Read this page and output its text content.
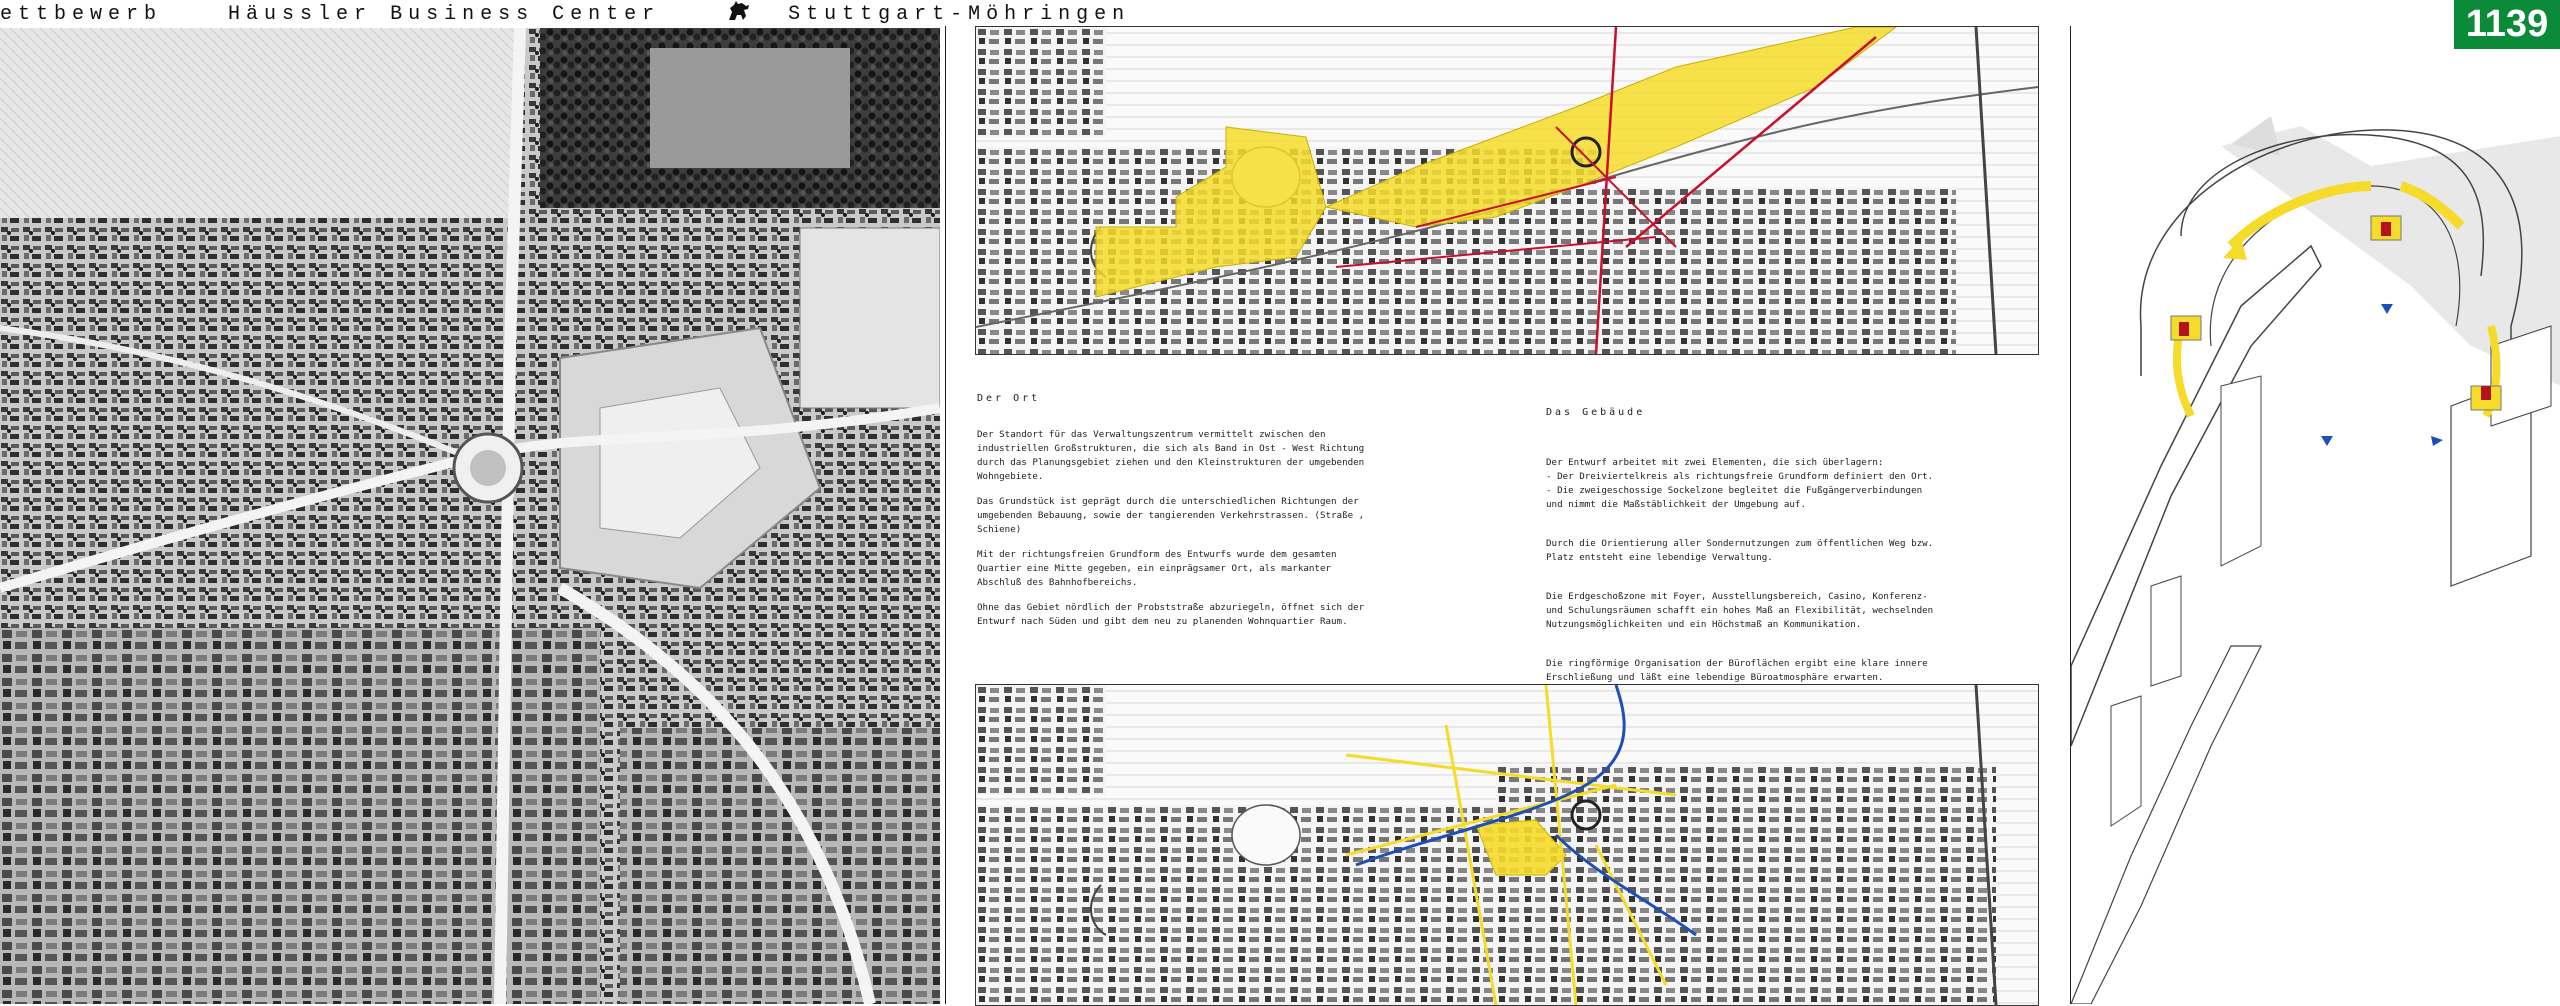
ettbewerb	Häussler Business Center	Stuttgart-Möhringen	1139
Der Ort

Der Standort für das Verwaltungszentrum vermittelt zwischen den industriellen Großstrukturen, die sich als Band in Ost - West Richtung durch das Planungsgebiet ziehen und den Kleinstrukturen der umgebenden Wohngebiete.

Das Grundstück ist geprägt durch die unterschiedlichen Richtungen der umgebenden Bebauung, sowie der tangierenden Verkehrstrassen. (Straße , Schiene)

Mit der richtungsfreien Grundform des Entwurfs wurde dem gesamten Quartier eine Mitte gegeben, ein einprägsamer Ort, als markanter Abschluß des Bahnhofbereichs.

Ohne das Gebiet nördlich der Probststraße abzuriegeln, öffnet sich der Entwurf nach Süden und gibt dem neu zu planenden Wohnquartier Raum.

Das Gebäude

Der Entwurf arbeitet mit zwei Elementen, die sich überlagern:
- Der Dreiviertelkreis als richtungsfreie Grundform definiert den Ort.
- Die zweigeschossige Sockelzone begleitet die Fußgängerverbindungen und nimmt die Maßstäblichkeit der Umgebung auf.

Durch die Orientierung aller Sondernutzungen zum öffentlichen Weg bzw. Platz entsteht eine lebendige Verwaltung.

Die Erdgeschoßzone mit Foyer, Ausstellungsbereich, Casino, Konferenz- und Schulungsräumen schafft ein hohes Maß an Flexibilität, wechselnden Nutzungsmöglichkeiten und ein Höchstmaß an Kommunikation.

Die ringförmige Organisation der Büroflächen ergibt eine klare innere Erschließung und läßt eine lebendige Büroatmosphäre erwarten.
